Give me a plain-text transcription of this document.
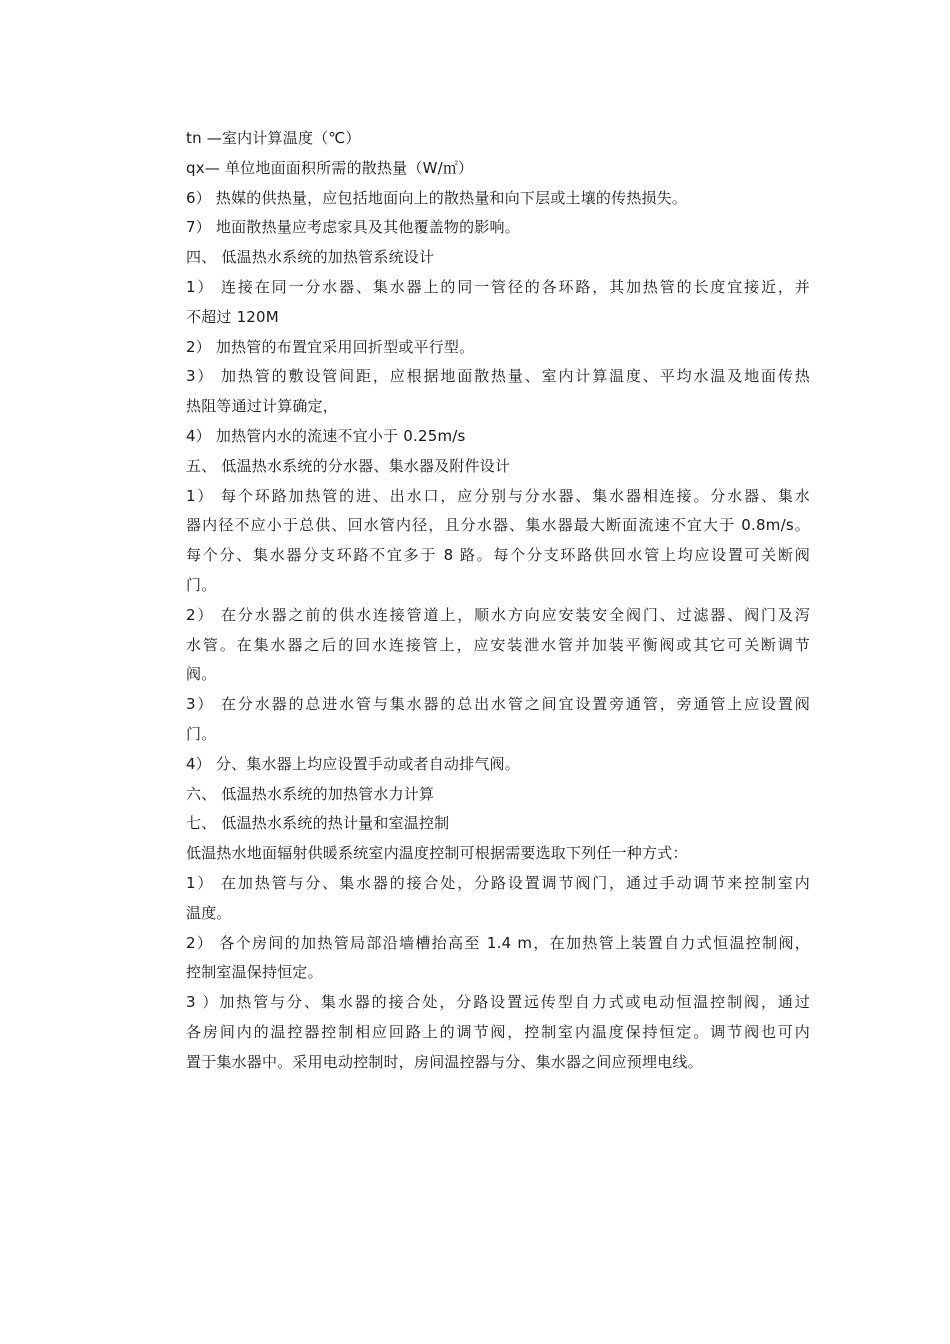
tn —室内计算温度（℃）
qx— 单位地面面积所需的散热量（W/㎡）
6） 热媒的供热量，应包括地面向上的散热量和向下层或土壤的传热损失。
7） 地面散热量应考虑家具及其他覆盖物的影响。
四、 低温热水系统的加热管系统设计
1） 连接在同一分水器、集水器上的同一管径的各环路，其加热管的长度宜接近，并
不超过 120M
2） 加热管的布置宜采用回折型或平行型。
3） 加热管的敷设管间距，应根据地面散热量、室内计算温度、平均水温及地面传热
热阻等通过计算确定，
4） 加热管内水的流速不宜小于 0.25m/s
五、 低温热水系统的分水器、集水器及附件设计
1） 每个环路加热管的进、出水口，应分别与分水器、集水器相连接。分水器、集水
器内径不应小于总供、回水管内径，且分水器、集水器最大断面流速不宜大于 0.8m/s。
每个分、集水器分支环路不宜多于 8 路。每个分支环路供回水管上均应设置可关断阀
门。
2） 在分水器之前的供水连接管道上，顺水方向应安装安全阀门、过滤器、阀门及泻
水管。在集水器之后的回水连接管上，应安装泄水管并加装平衡阀或其它可关断调节
阀。
3） 在分水器的总进水管与集水器的总出水管之间宜设置旁通管，旁通管上应设置阀
门。
4） 分、集水器上均应设置手动或者自动排气阀。
六、 低温热水系统的加热管水力计算
七、 低温热水系统的热计量和室温控制
低温热水地面辐射供暖系统室内温度控制可根据需要选取下列任一种方式：
1） 在加热管与分、集水器的接合处，分路设置调节阀门，通过手动调节来控制室内
温度。
2） 各个房间的加热管局部沿墙槽抬高至 1.4 m，在加热管上装置自力式恒温控制阀，
控制室温保持恒定。
3 ）加热管与分、集水器的接合处，分路设置远传型自力式或电动恒温控制阀，通过
各房间内的温控器控制相应回路上的调节阀，控制室内温度保持恒定。调节阀也可内
置于集水器中。采用电动控制时，房间温控器与分、集水器之间应预埋电线。
